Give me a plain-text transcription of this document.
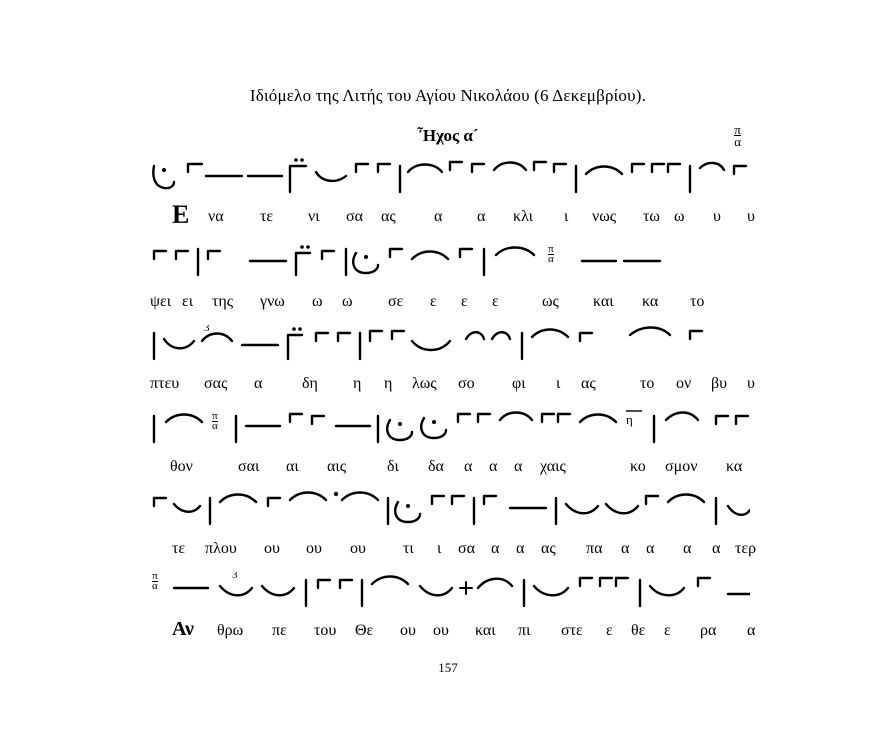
Ιδιόμελο της Λιτής του Αγίου Νικολάου (6 Δεκεμβρίου).
Ἦχος α´	$\frac{\pi}{\alpha}$
Ε να τε νι σα ας α α κλι ι νως τω ω υ υ
$\frac{\pi}{\alpha}$
ψει ει της γνω ω ω σε ε ε ε	ως και κα το
3
πτευ σας α δη η η λως σο φι ι ας	το ον βυ υ
η
$\frac{\pi}{\alpha}$
θον	σαι αι αις	δι δα α α α χαις	κο σμον κα
τε πλου ου ου ου τι ι σα α α ας πα α α α α τερ
3
$\frac{\pi}{\alpha}$
Αν θρω πε του Θε ου ου και πι στε ε θε ε ρα α
157
